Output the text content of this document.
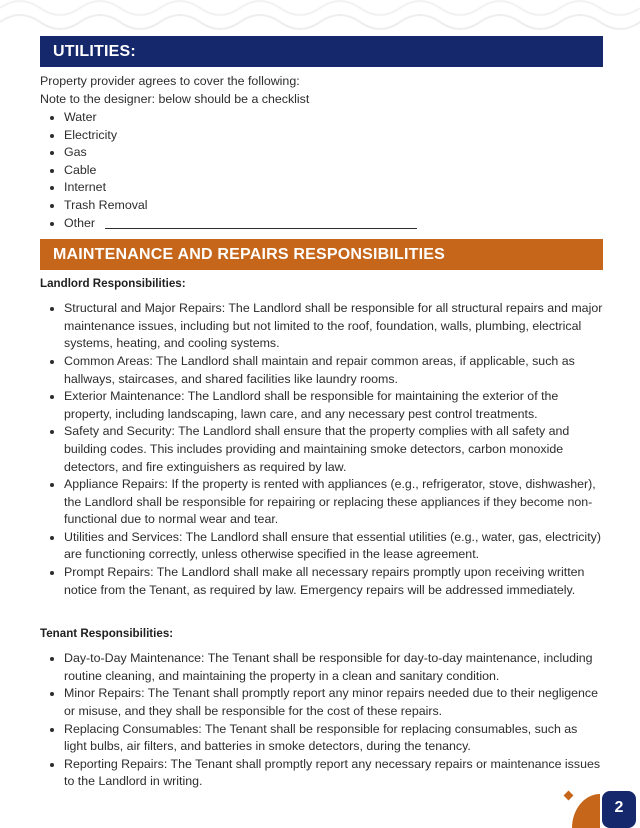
UTILITIES:
Property provider agrees to cover the following:
Note to the designer: below should be a checklist
• Water
• Electricity
• Gas
• Cable
• Internet
• Trash Removal
• Other
MAINTENANCE AND REPAIRS RESPONSIBILITIES
Landlord Responsibilities:
• Structural and Major Repairs: The Landlord shall be responsible for all structural repairs and major maintenance issues, including but not limited to the roof, foundation, walls, plumbing, electrical systems, heating, and cooling systems.
• Common Areas: The Landlord shall maintain and repair common areas, if applicable, such as hallways, staircases, and shared facilities like laundry rooms.
• Exterior Maintenance: The Landlord shall be responsible for maintaining the exterior of the property, including landscaping, lawn care, and any necessary pest control treatments.
• Safety and Security: The Landlord shall ensure that the property complies with all safety and building codes. This includes providing and maintaining smoke detectors, carbon monoxide detectors, and fire extinguishers as required by law.
• Appliance Repairs: If the property is rented with appliances (e.g., refrigerator, stove, dishwasher), the Landlord shall be responsible for repairing or replacing these appliances if they become non-functional due to normal wear and tear.
• Utilities and Services: The Landlord shall ensure that essential utilities (e.g., water, gas, electricity) are functioning correctly, unless otherwise specified in the lease agreement.
• Prompt Repairs: The Landlord shall make all necessary repairs promptly upon receiving written notice from the Tenant, as required by law. Emergency repairs will be addressed immediately.
Tenant Responsibilities:
• Day-to-Day Maintenance: The Tenant shall be responsible for day-to-day maintenance, including routine cleaning, and maintaining the property in a clean and sanitary condition.
• Minor Repairs: The Tenant shall promptly report any minor repairs needed due to their negligence or misuse, and they shall be responsible for the cost of these repairs.
• Replacing Consumables: The Tenant shall be responsible for replacing consumables, such as light bulbs, air filters, and batteries in smoke detectors, during the tenancy.
• Reporting Repairs: The Tenant shall promptly report any necessary repairs or maintenance issues to the Landlord in writing.
2
